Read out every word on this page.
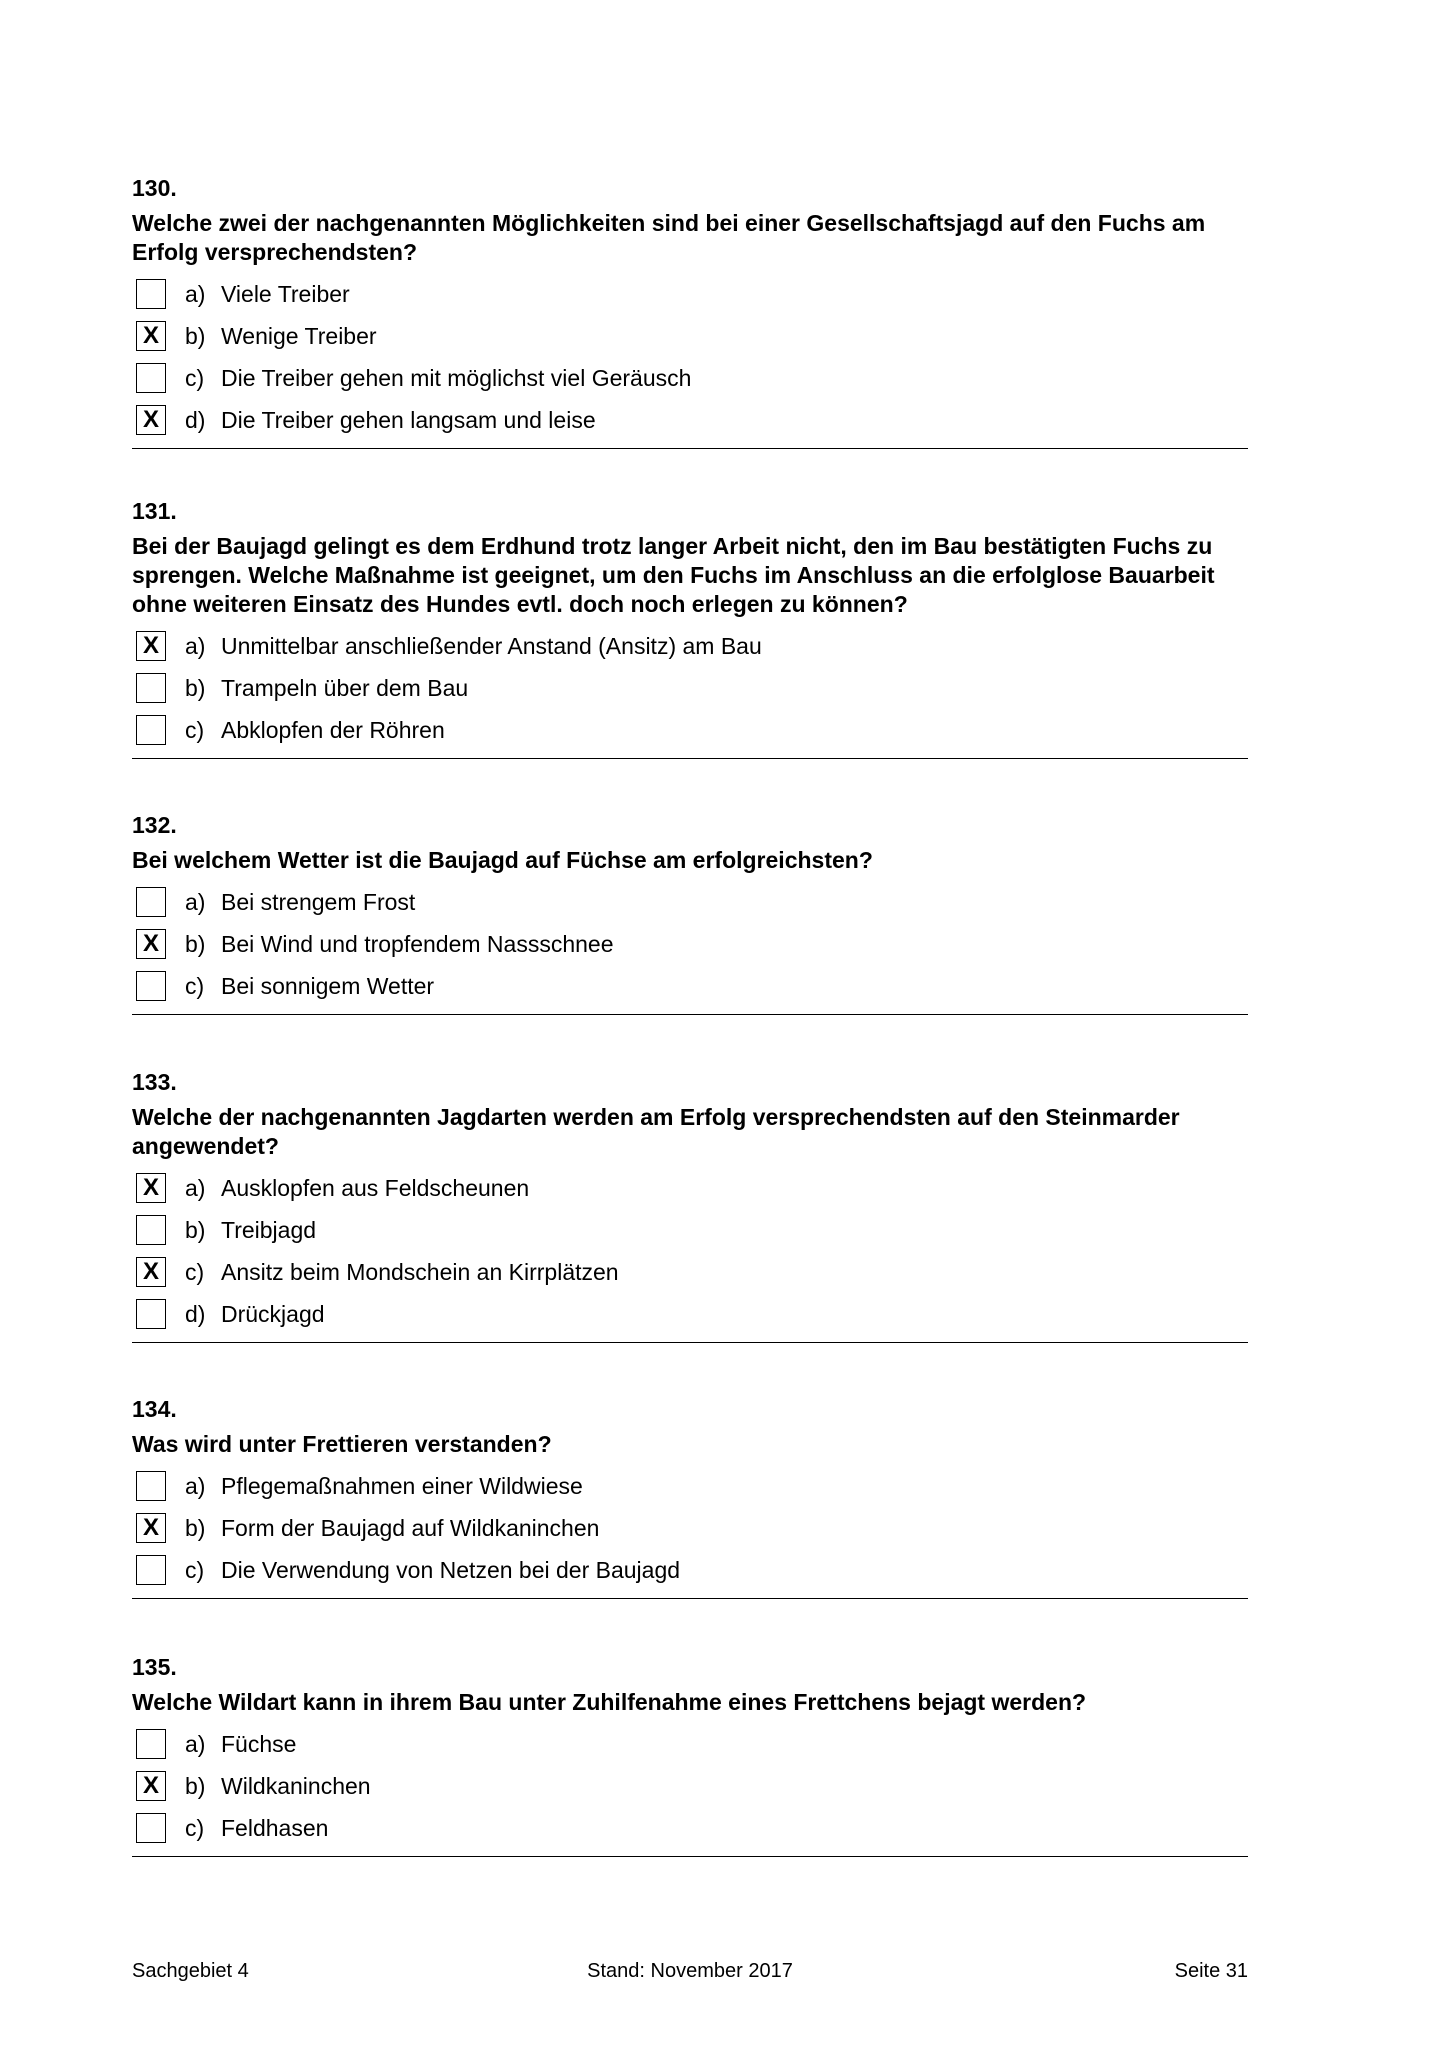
130.
Welche zwei der nachgenannten Möglichkeiten sind bei einer Gesellschaftsjagd auf den Fuchs am Erfolg versprechendsten?
a) Viele Treiber
X	b) Wenige Treiber
c) Die Treiber gehen mit möglichst viel Geräusch
X	d) Die Treiber gehen langsam und leise
131.
Bei der Baujagd gelingt es dem Erdhund trotz langer Arbeit nicht, den im Bau bestätigten Fuchs zu sprengen. Welche Maßnahme ist geeignet, um den Fuchs im Anschluss an die erfolglose Bauarbeit ohne weiteren Einsatz des Hundes evtl. doch noch erlegen zu können?
X	a) Unmittelbar anschließender Anstand (Ansitz) am Bau
b) Trampeln über dem Bau
c) Abklopfen der Röhren
132.
Bei welchem Wetter ist die Baujagd auf Füchse am erfolgreichsten?
a) Bei strengem Frost
X	b) Bei Wind und tropfendem Nassschnee
c) Bei sonnigem Wetter
133.
Welche der nachgenannten Jagdarten werden am Erfolg versprechendsten auf den Steinmarder angewendet?
X	a) Ausklopfen aus Feldscheunen
b) Treibjagd
X	c) Ansitz beim Mondschein an Kirrplätzen
d) Drückjagd
134.
Was wird unter Frettieren verstanden?
a) Pflegemaßnahmen einer Wildwiese
X	b) Form der Baujagd auf Wildkaninchen
c) Die Verwendung von Netzen bei der Baujagd
135.
Welche Wildart kann in ihrem Bau unter Zuhilfenahme eines Frettchens bejagt werden?
a) Füchse
X	b) Wildkaninchen
c) Feldhasen
Sachgebiet 4	Stand: November 2017	Seite 31
